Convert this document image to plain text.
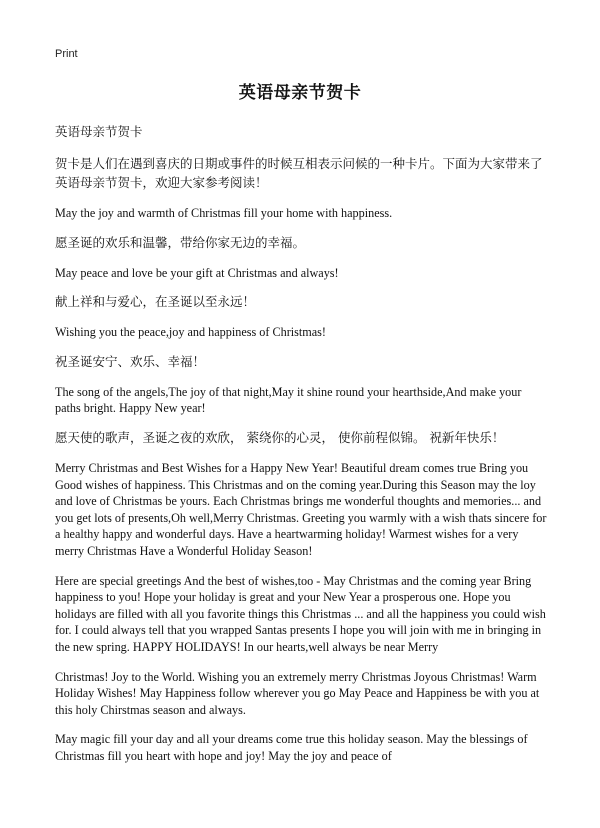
Print
英语母亲节贺卡

英语母亲节贺卡

贺卡是人们在遇到喜庆的日期或事件的时候互相表示问候的一种卡片。下面为大家带来了英语母亲节贺卡，欢迎大家参考阅读！

May the joy and warmth of Christmas fill your home with happiness.

愿圣诞的欢乐和温馨，带给你家无边的幸福。

May peace and love be your gift at Christmas and always!

献上祥和与爱心，在圣诞以至永远！

Wishing you the peace,joy and happiness of Christmas!

祝圣诞安宁、欢乐、幸福！

The song of the angels,The joy of that night,May it shine round your hearthside,And make your paths bright. Happy New year!

愿天使的歌声，圣诞之夜的欢欣， 萦绕你的心灵， 使你前程似锦。 祝新年快乐！

Merry Christmas and Best Wishes for a Happy New Year! Beautiful dream comes true Bring you Good wishes of happiness. This Christmas and on the coming year.During this Season may the loy and love of Christmas be yours. Each Christmas brings me wonderful thoughts and memories... and you get lots of presents,Oh well,Merry Christmas. Greeting you warmly with a wish thats sincere for a healthy happy and wonderful days. Have a heartwarming holiday! Warmest wishes for a very merry Christmas Have a Wonderful Holiday Season!

Here are special greetings And the best of wishes,too - May Christmas and the coming year Bring happiness to you! Hope your holiday is great and your New Year a prosperous one. Hope you holidays are filled with all you favorite things this Christmas ... and all the happiness you could wish for. I could always tell that you wrapped Santas presents I hope you will join with me in bringing in the new spring. HAPPY HOLIDAYS! In our hearts,well always be near Merry

Christmas! Joy to the World. Wishing you an extremely merry Christmas Joyous Christmas! Warm Holiday Wishes! May Happiness follow wherever you go May Peace and Happiness be with you at this holy Chirstmas season and always.

May magic fill your day and all your dreams come true this holiday season. May the blessings of Christmas fill you heart with hope and joy! May the joy and peace of
